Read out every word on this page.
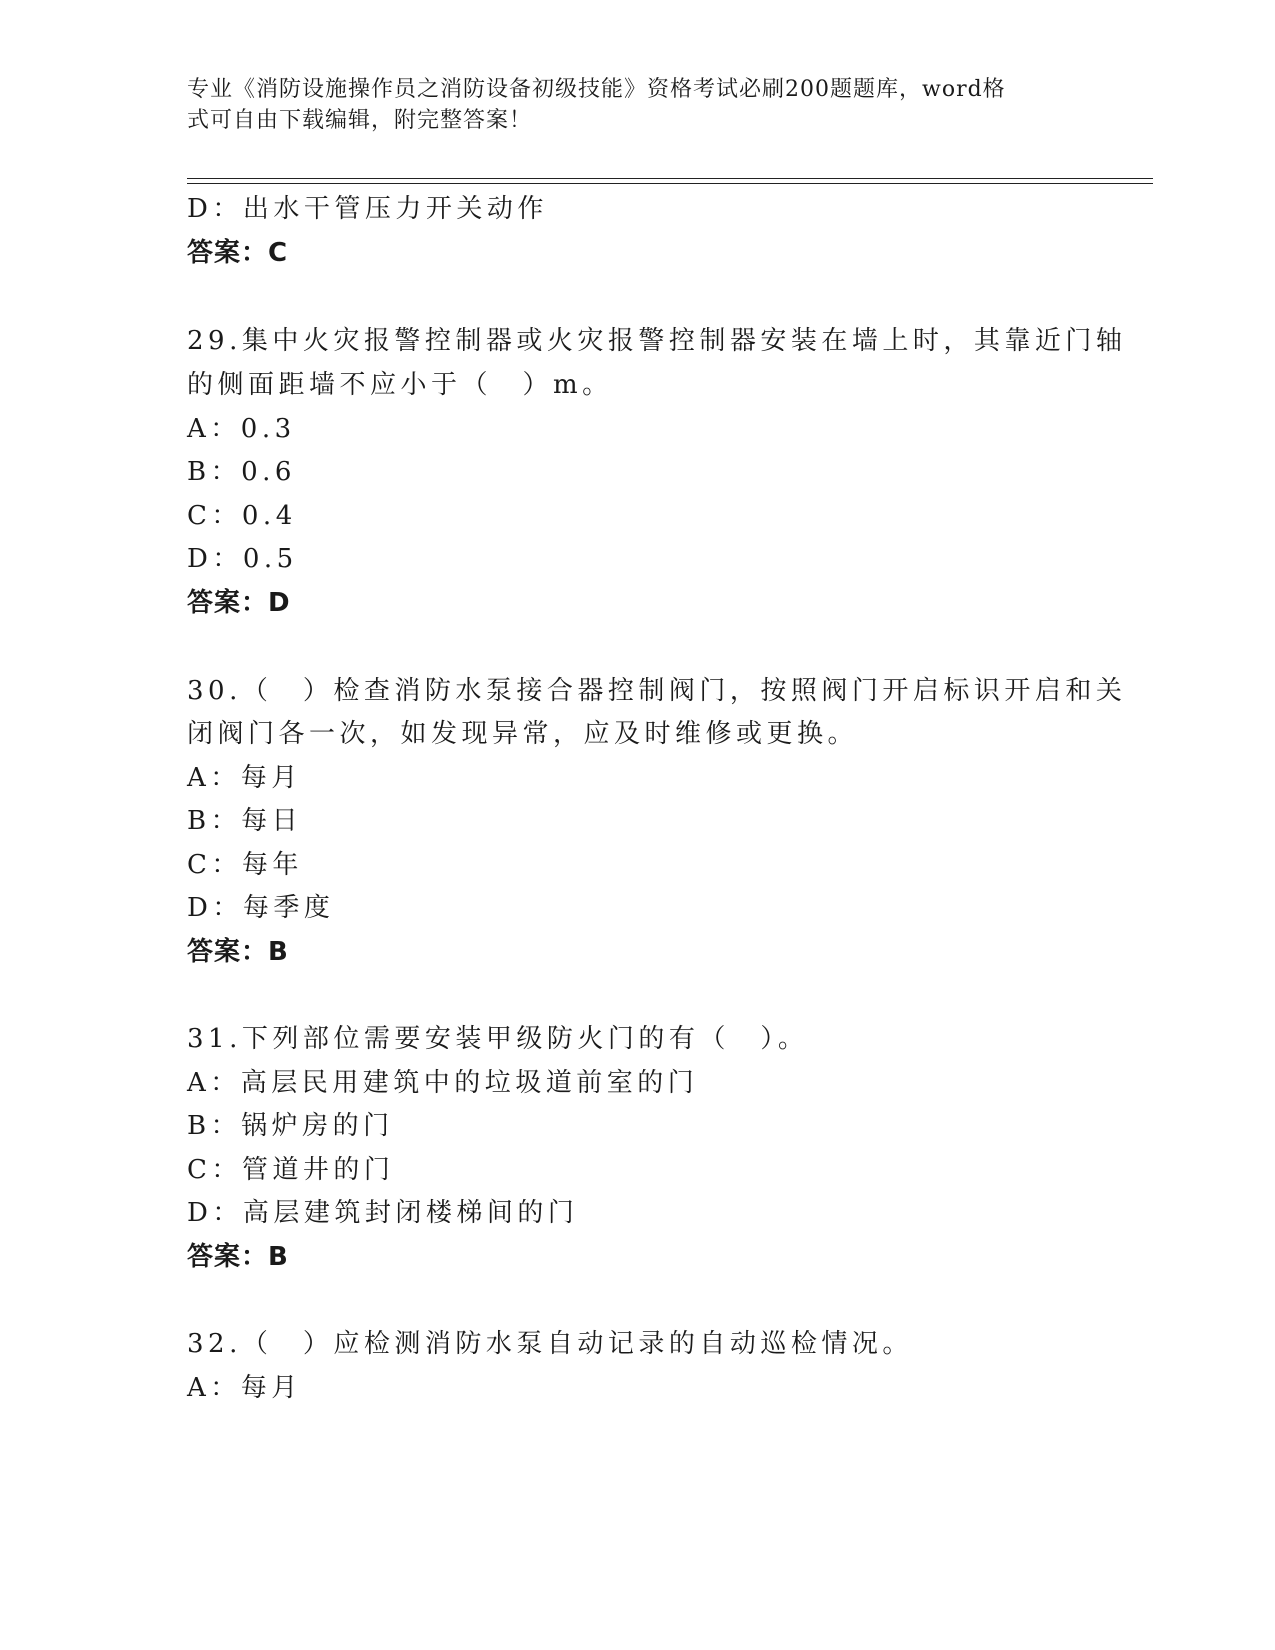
专业《消防设施操作员之消防设备初级技能》资格考试必刷200题题库，word格
式可自由下载编辑，附完整答案！
D：出水干管压力开关动作
答案：C
29.集中火灾报警控制器或火灾报警控制器安装在墙上时，其靠近门轴
的侧面距墙不应小于（　）m。
A：0.3
B：0.6
C：0.4
D：0.5
答案：D
30.（　）检查消防水泵接合器控制阀门，按照阀门开启标识开启和关
闭阀门各一次，如发现异常，应及时维修或更换。
A：每月
B：每日
C：每年
D：每季度
答案：B
31.下列部位需要安装甲级防火门的有（　）。
A：高层民用建筑中的垃圾道前室的门
B：锅炉房的门
C：管道井的门
D：高层建筑封闭楼梯间的门
答案：B
32.（　）应检测消防水泵自动记录的自动巡检情况。
A：每月
